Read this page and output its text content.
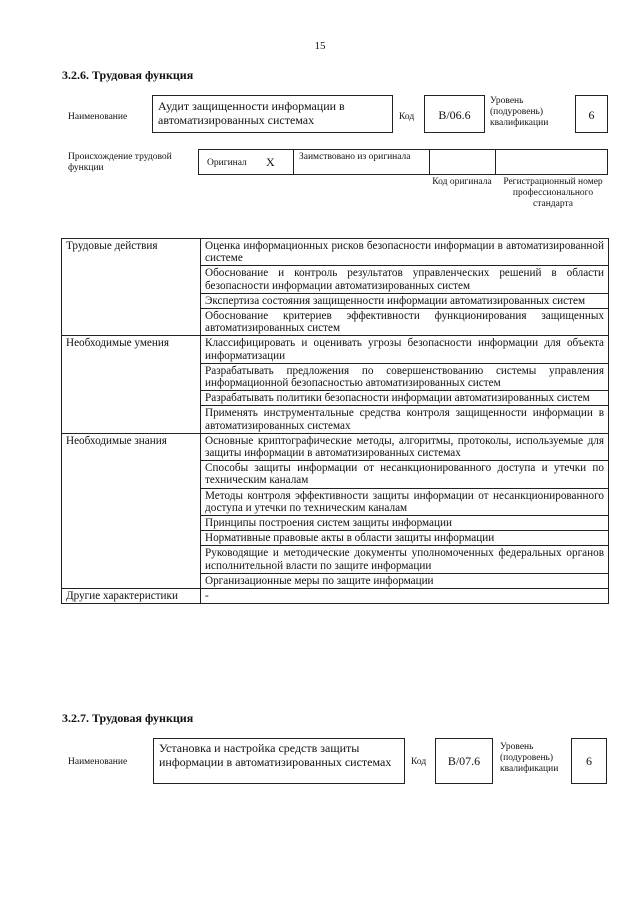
15
3.2.6. Трудовая функция
Наименование
Аудит защищенности информации в автоматизированных системах	Код	B/06.6
Уровень (подуровень) квалификации
6
Происхождение трудовой функции	Оригинал X	Заимствовано из оригинала
Код оригинала	Регистрационный номер профессионального стандарта
Трудовые действия	Оценка информационных рисков безопасности информации в автоматизированной системе
	Обоснование и контроль результатов управленческих решений в области безопасности информации автоматизированных систем
	Экспертиза состояния защищенности информации автоматизированных систем
	Обоснование критериев эффективности функционирования защищенных автоматизированных систем
Необходимые умения	Классифицировать и оценивать угрозы безопасности информации для объекта информатизации
	Разрабатывать предложения по совершенствованию системы управления информационной безопасностью автоматизированных систем
	Разрабатывать политики безопасности информации автоматизированных систем
	Применять инструментальные средства контроля защищенности информации в автоматизированных системах
Необходимые знания	Основные криптографические методы, алгоритмы, протоколы, используемые для защиты информации в автоматизированных системах
	Способы защиты информации от несанкционированного доступа и утечки по техническим каналам
	Методы контроля эффективности защиты информации от несанкционированного доступа и утечки по техническим каналам
	Принципы построения систем защиты информации
	Нормативные правовые акты в области защиты информации
	Руководящие и методические документы уполномоченных федеральных органов исполнительной власти по защите информации
	Организационные меры по защите информации
Другие характеристики	-
3.2.7. Трудовая функция
Наименование
Установка и настройка средств защиты информации в автоматизированных системах	Код	B/07.6
Уровень (подуровень) квалификации
6
